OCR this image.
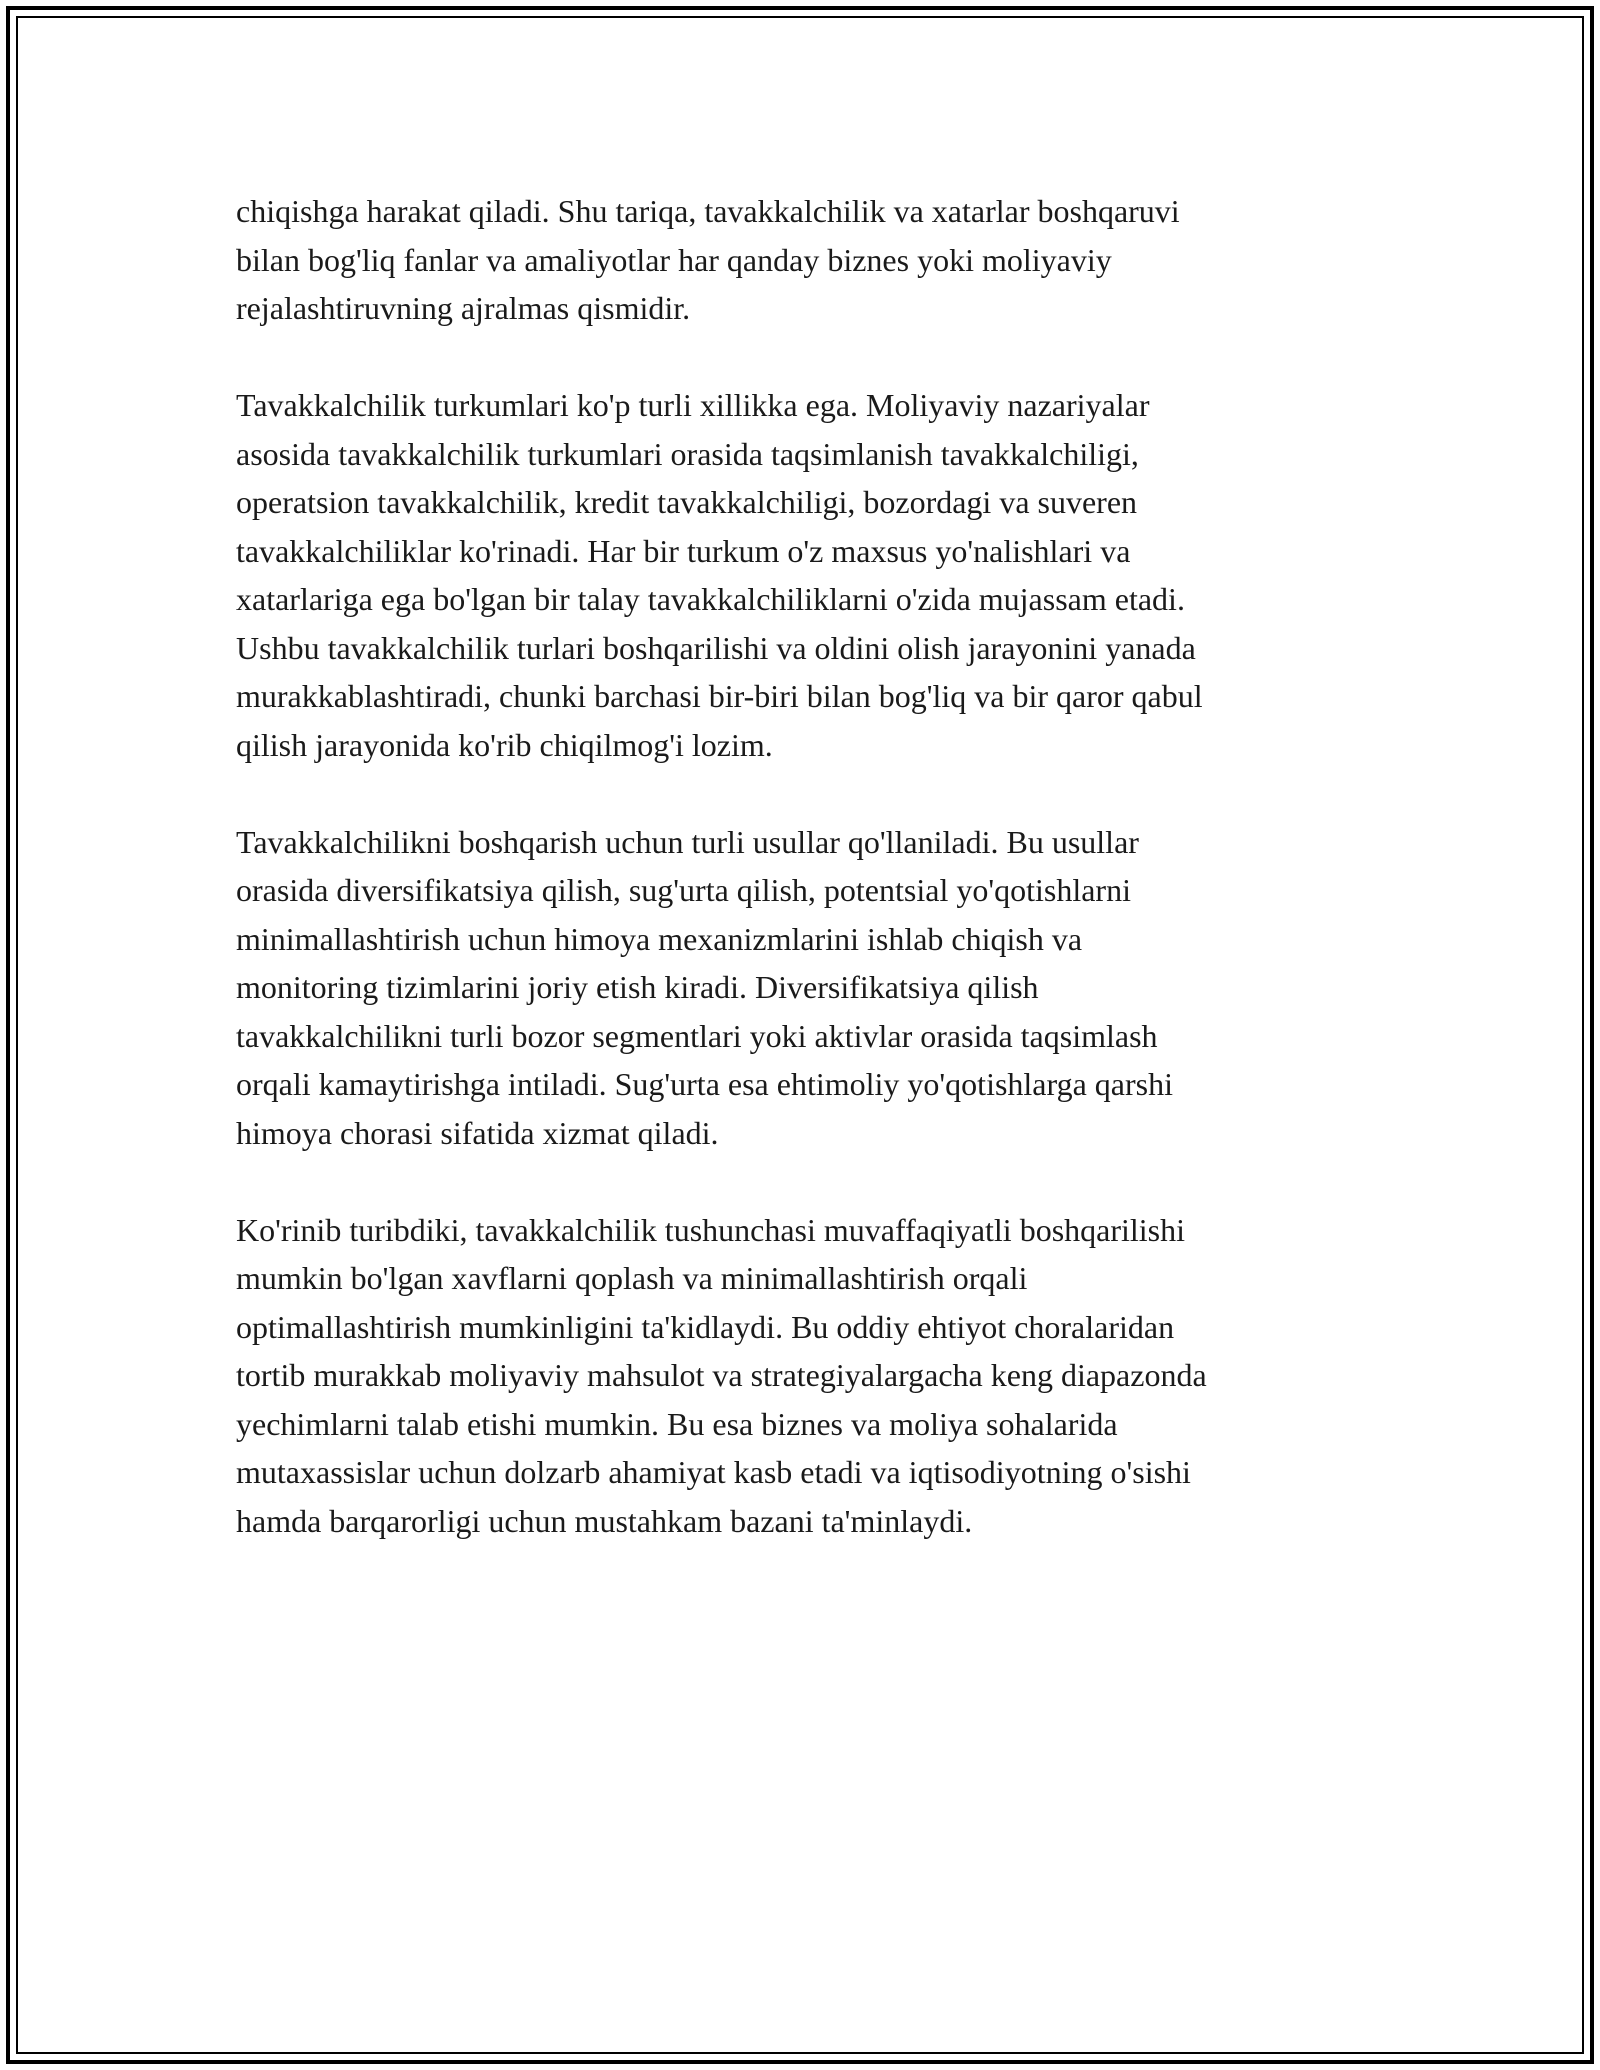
chiqishga harakat qiladi. Shu tariqa, tavakkalchilik va xatarlar boshqaruvi
bilan bog'liq fanlar va amaliyotlar har qanday biznes yoki moliyaviy
rejalashtiruvning ajralmas qismidir.

Tavakkalchilik turkumlari ko'p turli xillikka ega. Moliyaviy nazariyalar
asosida tavakkalchilik turkumlari orasida taqsimlanish tavakkalchiligi,
operatsion tavakkalchilik, kredit tavakkalchiligi, bozordagi va suveren
tavakkalchiliklar ko'rinadi. Har bir turkum o'z maxsus yo'nalishlari va
xatarlariga ega bo'lgan bir talay tavakkalchiliklarni o'zida mujassam etadi.
Ushbu tavakkalchilik turlari boshqarilishi va oldini olish jarayonini yanada
murakkablashtiradi, chunki barchasi bir-biri bilan bog'liq va bir qaror qabul
qilish jarayonida ko'rib chiqilmog'i lozim.

Tavakkalchilikni boshqarish uchun turli usullar qo'llaniladi. Bu usullar
orasida diversifikatsiya qilish, sug'urta qilish, potentsial yo'qotishlarni
minimallashtirish uchun himoya mexanizmlarini ishlab chiqish va
monitoring tizimlarini joriy etish kiradi. Diversifikatsiya qilish
tavakkalchilikni turli bozor segmentlari yoki aktivlar orasida taqsimlash
orqali kamaytirishga intiladi. Sug'urta esa ehtimoliy yo'qotishlarga qarshi
himoya chorasi sifatida xizmat qiladi.

Ko'rinib turibdiki, tavakkalchilik tushunchasi muvaffaqiyatli boshqarilishi
mumkin bo'lgan xavflarni qoplash va minimallashtirish orqali
optimallashtirish mumkinligini ta'kidlaydi. Bu oddiy ehtiyot choralaridan
tortib murakkab moliyaviy mahsulot va strategiyalargacha keng diapazonda
yechimlarni talab etishi mumkin. Bu esa biznes va moliya sohalarida
mutaxassislar uchun dolzarb ahamiyat kasb etadi va iqtisodiyotning o'sishi
hamda barqarorligi uchun mustahkam bazani ta'minlaydi.
